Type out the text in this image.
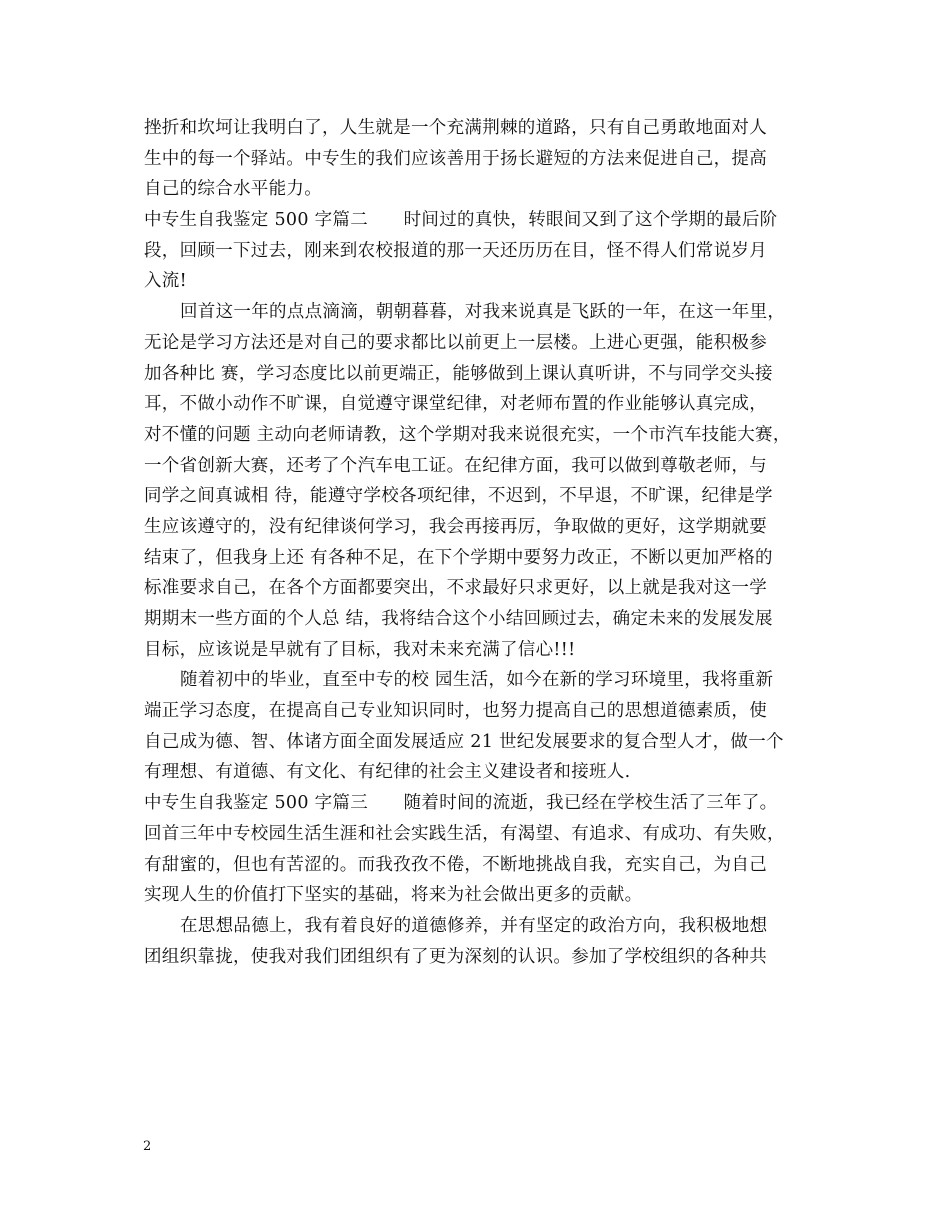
挫折和坎坷让我明白了，人生就是一个充满荆棘的道路，只有自己勇敢地面对人
生中的每一个驿站。中专生的我们应该善用于扬长避短的方法来促进自己，提高
自己的综合水平能力。
中专生自我鉴定 500 字篇二　　时间过的真快，转眼间又到了这个学期的最后阶
段，回顾一下过去，刚来到农校报道的那一天还历历在目，怪不得人们常说岁月
入流!
回首这一年的点点滴滴，朝朝暮暮，对我来说真是飞跃的一年，在这一年里，
无论是学习方法还是对自己的要求都比以前更上一层楼。上进心更强，能积极参
加各种比 赛，学习态度比以前更端正，能够做到上课认真听讲，不与同学交头接
耳，不做小动作不旷课，自觉遵守课堂纪律，对老师布置的作业能够认真完成，
对不懂的问题 主动向老师请教，这个学期对我来说很充实，一个市汽车技能大赛，
一个省创新大赛，还考了个汽车电工证。在纪律方面，我可以做到尊敬老师，与
同学之间真诚相 待，能遵守学校各项纪律，不迟到，不早退，不旷课，纪律是学
生应该遵守的，没有纪律谈何学习，我会再接再厉，争取做的更好，这学期就要
结束了，但我身上还 有各种不足，在下个学期中要努力改正，不断以更加严格的
标准要求自己，在各个方面都要突出，不求最好只求更好，以上就是我对这一学
期期末一些方面的个人总 结，我将结合这个小结回顾过去，确定未来的发展发展
目标，应该说是早就有了目标，我对未来充满了信心!!!
随着初中的毕业，直至中专的校 园生活，如今在新的学习环境里，我将重新
端正学习态度，在提高自己专业知识同时，也努力提高自己的思想道德素质，使
自己成为德、智、体诸方面全面发展适应 21 世纪发展要求的复合型人才，做一个
有理想、有道德、有文化、有纪律的社会主义建设者和接班人.
中专生自我鉴定 500 字篇三　　随着时间的流逝，我已经在学校生活了三年了。
回首三年中专校园生活生涯和社会实践生活，有渴望、有追求、有成功、有失败，
有甜蜜的，但也有苦涩的。而我孜孜不倦，不断地挑战自我，充实自己，为自己
实现人生的价值打下坚实的基础，将来为社会做出更多的贡献。
在思想品德上，我有着良好的道德修养，并有坚定的政治方向，我积极地想
团组织靠拢，使我对我们团组织有了更为深刻的认识。参加了学校组织的各种共
2
